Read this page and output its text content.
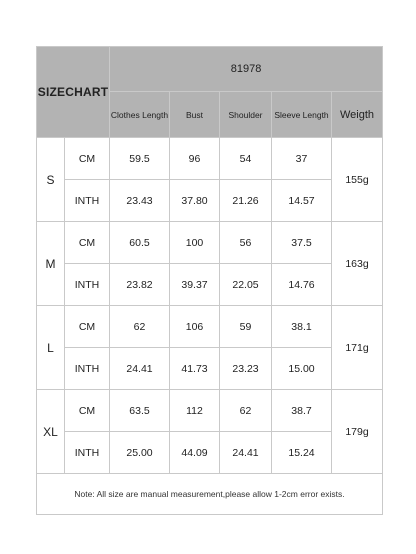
SIZECHART		81978				
		Clothes Length	Bust	Shoulder	Sleeve Length	Weigth
S	CM	59.5	96	54	37	155g
	INTH	23.43	37.80	21.26	14.57	
M	CM	60.5	100	56	37.5	163g
	INTH	23.82	39.37	22.05	14.76	
L	CM	62	106	59	38.1	171g
	INTH	24.41	41.73	23.23	15.00	
XL	CM	63.5	112	62	38.7	179g
	INTH	25.00	44.09	24.41	15.24	
Note: All size are manual measurement,please allow 1-2cm error exists.						
